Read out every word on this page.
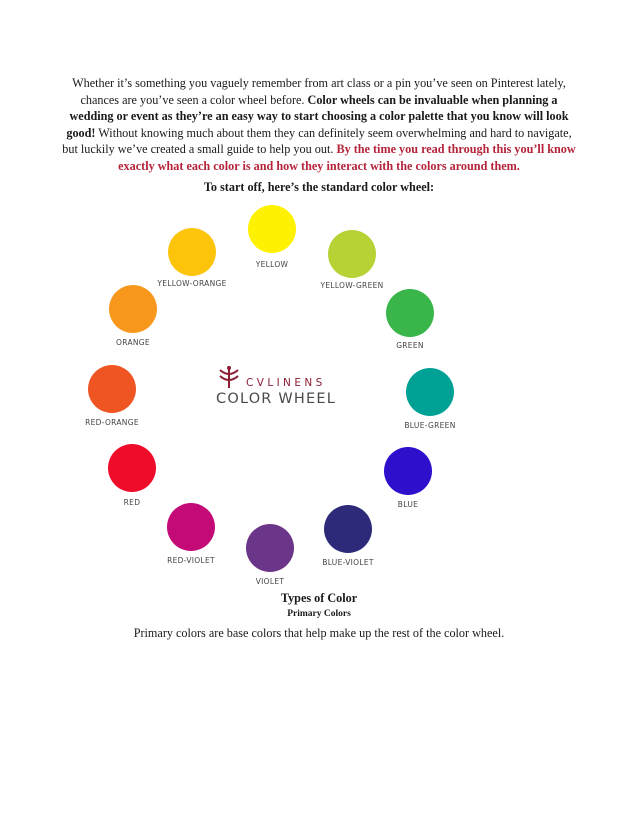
Whether it’s something you vaguely remember from art class or a pin you’ve seen on Pinterest lately, chances are you’ve seen a color wheel before. Color wheels can be invaluable when planning a wedding or event as they’re an easy way to start choosing a color palette that you know will look good! Without knowing much about them they can definitely seem overwhelming and hard to navigate, but luckily we’ve created a small guide to help you out. By the time you read through this you’ll know exactly what each color is and how they interact with the colors around them.
To start off, here’s the standard color wheel:
YELLOW
YELLOW-GREEN
GREEN
BLUE-GREEN
BLUE
BLUE-VIOLET
VIOLET
RED-VIOLET
RED
RED-ORANGE
ORANGE
YELLOW-ORANGE
CVLINENS
COLOR WHEEL
Types of Color
Primary Colors
Primary colors are base colors that help make up the rest of the color wheel.
